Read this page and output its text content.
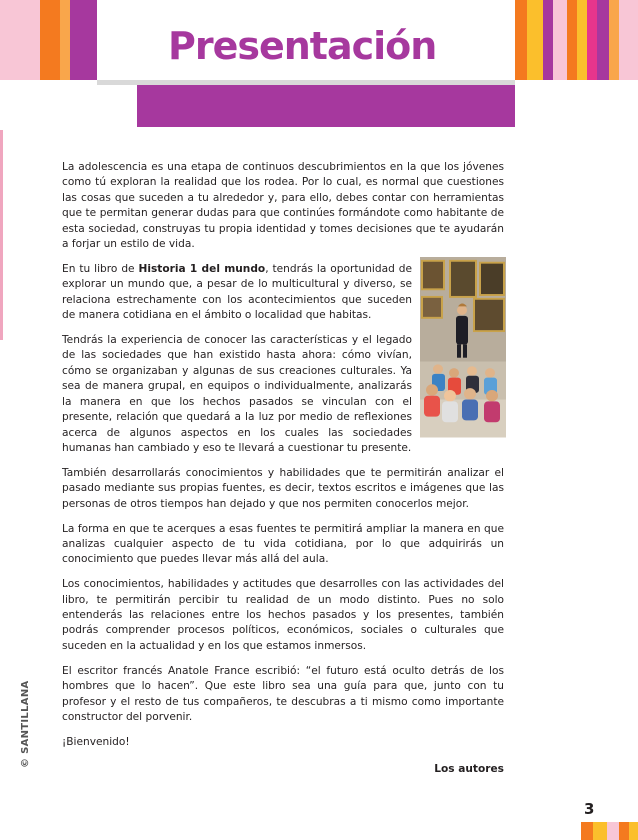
Presentación
© SANTILLANA

La adolescencia es una etapa de continuos descubrimientos en la que los jóvenes como tú exploran la realidad que los rodea. Por lo cual, es normal que cuestiones las cosas que suceden a tu alrededor y, para ello, debes contar con herramientas que te permitan generar dudas para que continúes formándote como habitante de esta sociedad, construyas tu propia identidad y tomes decisiones que te ayudarán a forjar un estilo de vida.

En tu libro de Historia 1 del mundo, tendrás la oportunidad de explorar un mundo que, a pesar de lo multicultural y diverso, se relaciona estrechamente con los acontecimientos que suceden de manera cotidiana en el ámbito o localidad que habitas.

Tendrás la experiencia de conocer las características y el legado de las sociedades que han existido hasta ahora: cómo vivían, cómo se organizaban y algunas de sus creaciones culturales. Ya sea de manera grupal, en equipos o individualmente, analizarás la manera en que los hechos pasados se vinculan con el presente, relación que quedará a la luz por medio de reflexiones acerca de algunos aspectos en los cuales las sociedades humanas han cambiado y eso te llevará a cuestionar tu presente.

También desarrollarás conocimientos y habilidades que te permitirán analizar el pasado mediante sus propias fuentes, es decir, textos escritos e imágenes que las personas de otros tiempos han dejado y que nos permiten conocerlos mejor.

La forma en que te acerques a esas fuentes te permitirá ampliar la manera en que analizas cualquier aspecto de tu vida cotidiana, por lo que adquirirás un conocimiento que puedes llevar más allá del aula.

Los conocimientos, habilidades y actitudes que desarrolles con las actividades del libro, te permitirán percibir tu realidad de un modo distinto. Pues no solo entenderás las relaciones entre los hechos pasados y los presentes, también podrás comprender procesos políticos, económicos, sociales o culturales que suceden en la actualidad y en los que estamos inmersos.

El escritor francés Anatole France escribió: “el futuro está oculto detrás de los hombres que lo hacen”. Que este libro sea una guía para que, junto con tu profesor y el resto de tus compañeros, te descubras a ti mismo como importante constructor del porvenir.

¡Bienvenido!

Los autores
3
